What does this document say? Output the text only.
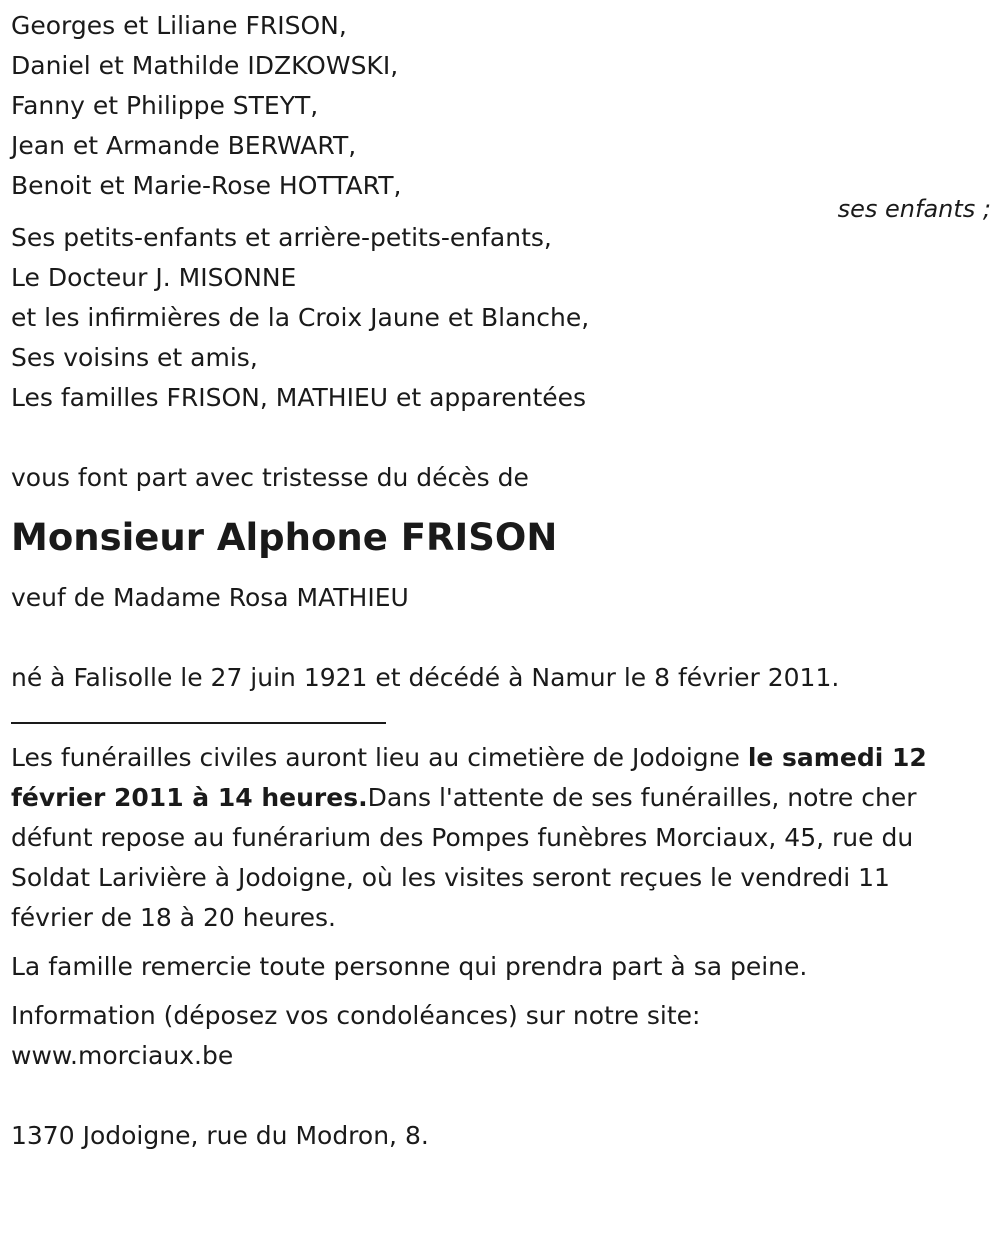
Georges et Liliane FRISON,
Daniel et Mathilde IDZKOWSKI,
Fanny et Philippe STEYT,
Jean et Armande BERWART,
Benoit et Marie-Rose HOTTART,
ses enfants ;
Ses petits-enfants et arrière-petits-enfants,
Le Docteur J. MISONNE
et les infirmières de la Croix Jaune et Blanche,
Ses voisins et amis,
Les familles FRISON, MATHIEU et apparentées
vous font part avec tristesse du décès de
Monsieur Alphone FRISON
veuf de Madame Rosa MATHIEU
né à Falisolle le 27 juin 1921 et décédé à Namur le 8 février 2011.

Les funérailles civiles auront lieu au cimetière de Jodoigne le samedi 12 février 2011 à 14 heures.Dans l'attente de ses funérailles, notre cher défunt repose au funérarium des Pompes funèbres Morciaux, 45, rue du Soldat Larivière à Jodoigne, où les visites seront reçues le vendredi 11 février de 18 à 20 heures.

La famille remercie toute personne qui prendra part à sa peine.

Information (déposez vos condoléances) sur notre site:
www.morciaux.be
1370 Jodoigne, rue du Modron, 8.
